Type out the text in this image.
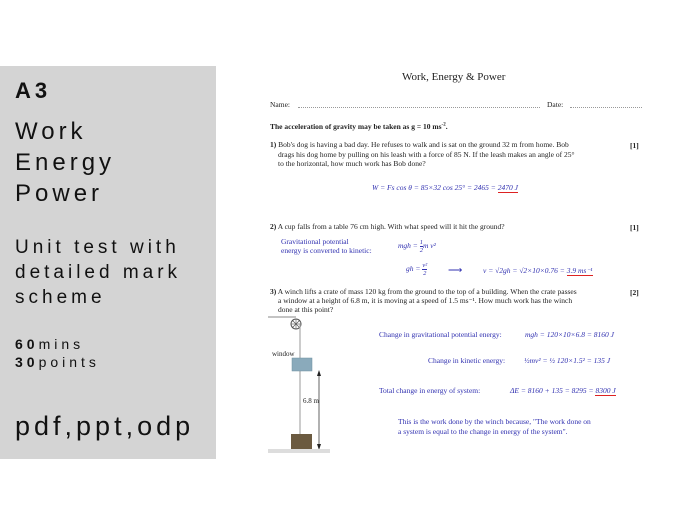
A3
Work
Energy
Power
Unit test with
detailed mark
scheme
60mins
30points
pdf,ppt,odp
Work, Energy & Power
Name:	Date:
The acceleration of gravity may be taken as g = 10 $ms^{-2}$.
1) Bob's dog is having a bad day. He refuses to walk and is sat on the ground 32 m from home. Bob
drags his dog home by pulling on his leash with a force of 85 N. If the leash makes an angle of 25°
to the horizontal, how much work has Bob done?
[1]
W = Fs cos θ = 85×32 cos 25° = 2465 = 2470 J
2) A cup falls from a table 76 cm high. With what speed will it hit the ground?	[1]
Gravitational potential
energy is converted to kinetic:
mgh = $\frac{1}{2}$ m v²
gh = $\frac{\text{v²}}{2}$ ⟶	v = √2gh = √2×10×0.76 = 3.9 ms⁻¹
3) A winch lifts a crate of mass 120 kg from the ground to the top of a building. When the crate passes
a window at a height of 6.8 m, it is moving at a speed of 1.5 ms⁻¹. How much work has the winch
done at this point?
[2]
window
6.8 m
Change in gravitational potential energy:	mgh = 120×10×6.8 = 8160 J
Change in kinetic energy:	½mv² = ½ 120×1.5² = 135 J
Total change in energy of system:	ΔE = 8160 + 135 = 8295 = 8300 J
This is the work done by the winch because, "The work done on
a system is equal to the change in energy of the system".
